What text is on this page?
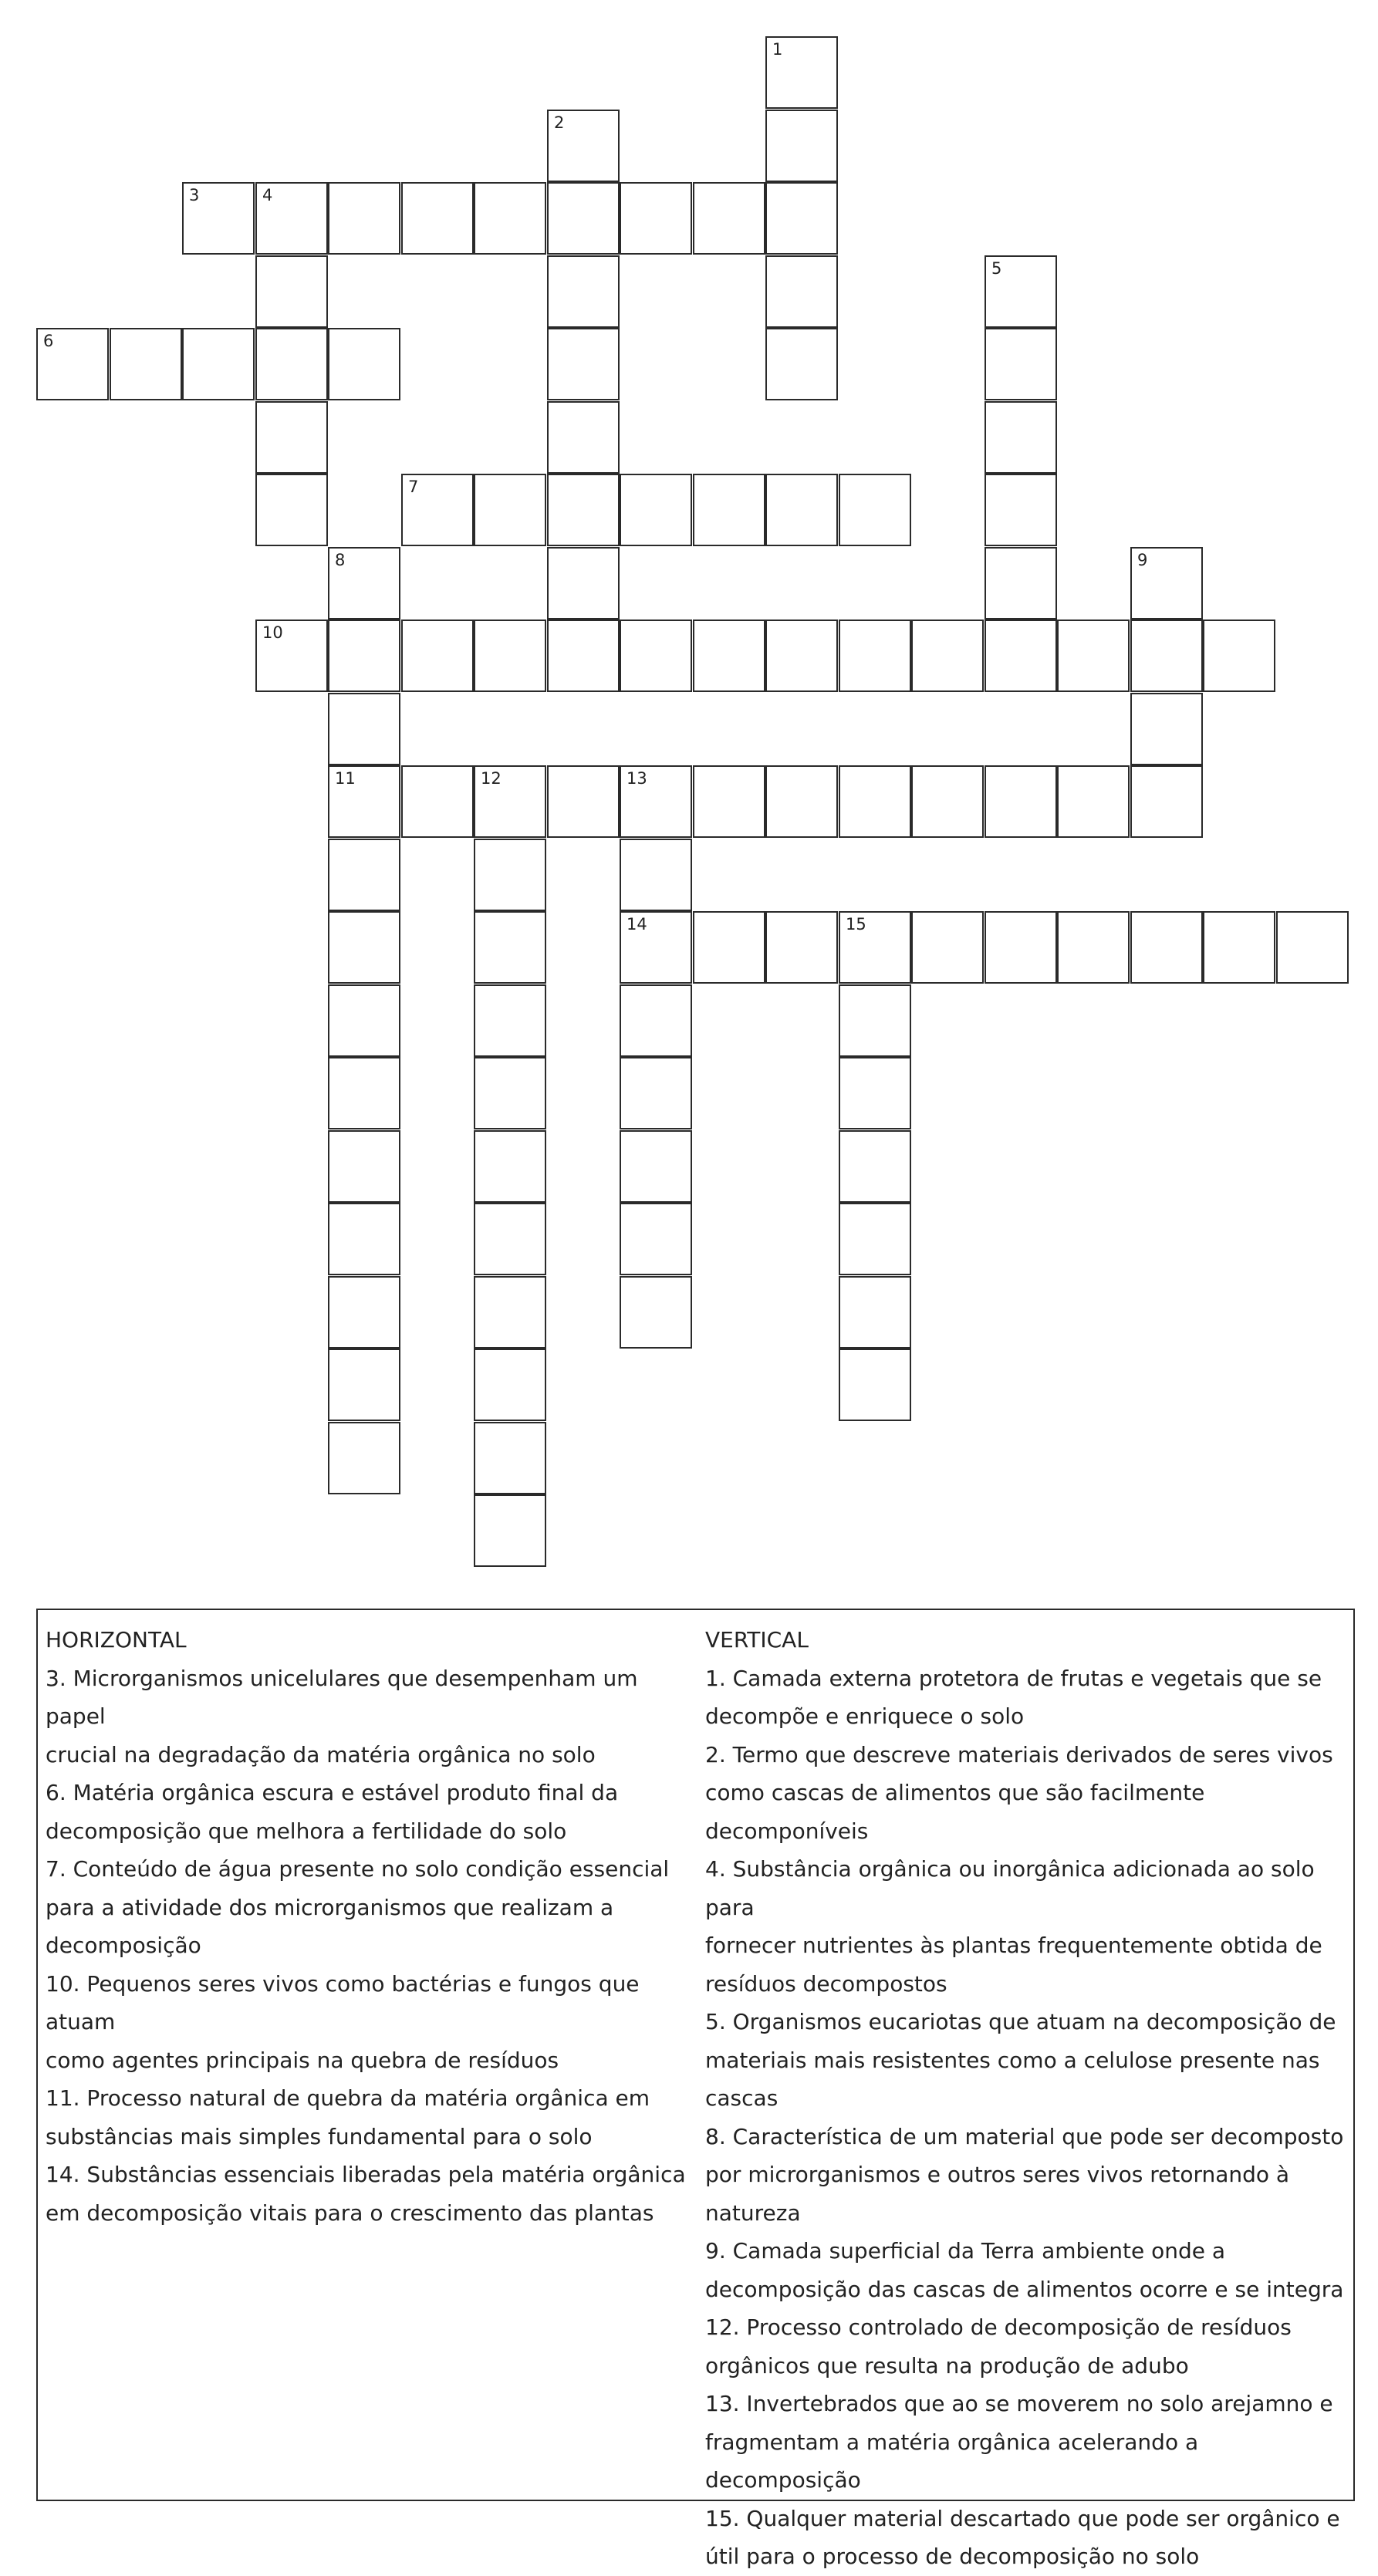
1
2
3	4
5
6
7
8	9
10
11	12	13
14	15
HORIZONTAL
3. Microrganismos unicelulares que desempenham um papel
crucial na degradação da matéria orgânica no solo
6. Matéria orgânica escura e estável produto final da
decomposição que melhora a fertilidade do solo
7. Conteúdo de água presente no solo condição essencial
para a atividade dos microrganismos que realizam a
decomposição
10. Pequenos seres vivos como bactérias e fungos que atuam
como agentes principais na quebra de resíduos
11. Processo natural de quebra da matéria orgânica em
substâncias mais simples fundamental para o solo
14. Substâncias essenciais liberadas pela matéria orgânica
em decomposição vitais para o crescimento das plantas
VERTICAL
1. Camada externa protetora de frutas e vegetais que se
decompõe e enriquece o solo
2. Termo que descreve materiais derivados de seres vivos
como cascas de alimentos que são facilmente decomponíveis
4. Substância orgânica ou inorgânica adicionada ao solo para
fornecer nutrientes às plantas frequentemente obtida de
resíduos decompostos
5. Organismos eucariotas que atuam na decomposição de
materiais mais resistentes como a celulose presente nas
cascas
8. Característica de um material que pode ser decomposto
por microrganismos e outros seres vivos retornando à
natureza
9. Camada superficial da Terra ambiente onde a
decomposição das cascas de alimentos ocorre e se integra
12. Processo controlado de decomposição de resíduos
orgânicos que resulta na produção de adubo
13. Invertebrados que ao se moverem no solo arejamno e
fragmentam a matéria orgânica acelerando a decomposição
15. Qualquer material descartado que pode ser orgânico e
útil para o processo de decomposição no solo
